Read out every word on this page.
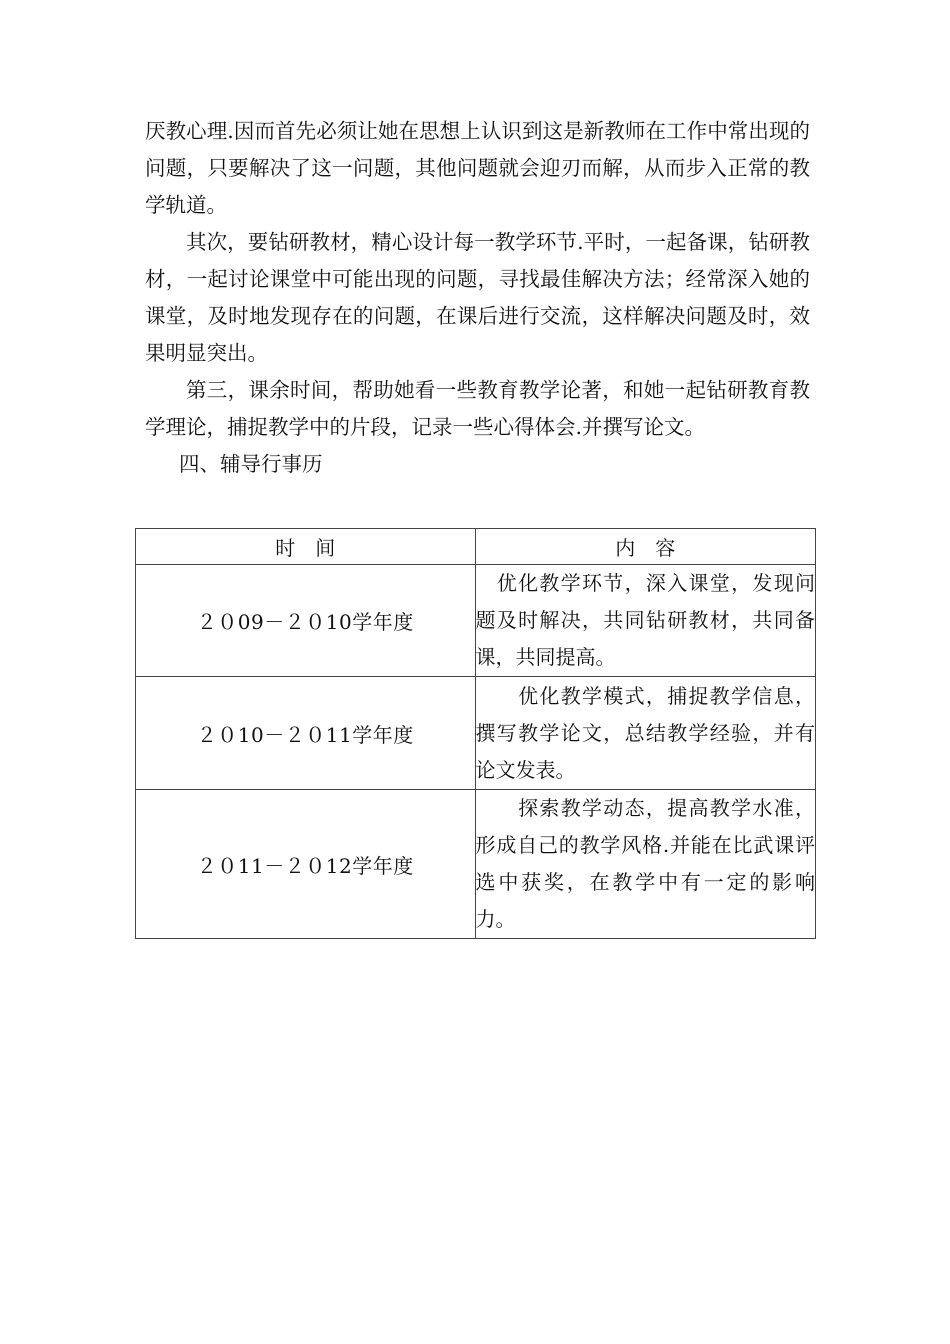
厌教心理.因而首先必须让她在思想上认识到这是新教师在工作中常出现的问题，只要解决了这一问题，其他问题就会迎刃而解，从而步入正常的教学轨道。

其次，要钻研教材，精心设计每一教学环节.平时，一起备课，钻研教材，一起讨论课堂中可能出现的问题，寻找最佳解决方法；经常深入她的课堂，及时地发现存在的问题，在课后进行交流，这样解决问题及时，效果明显突出。

第三，课余时间，帮助她看一些教育教学论著，和她一起钻研教育教学理论，捕捉教学中的片段，记录一些心得体会.并撰写论文。

四、辅导行事历
时　间	内　容
２０09－２０10学年度	　优化教学环节，深入课堂，发现问题及时解决，共同钻研教材，共同备课，共同提高。
２０10－２０11学年度	　　优化教学模式，捕捉教学信息，撰写教学论文，总结教学经验，并有论文发表。
２０11－２０12学年度	　　探索教学动态，提高教学水准，形成自己的教学风格.并能在比武课评选中获奖，在教学中有一定的影响力。
